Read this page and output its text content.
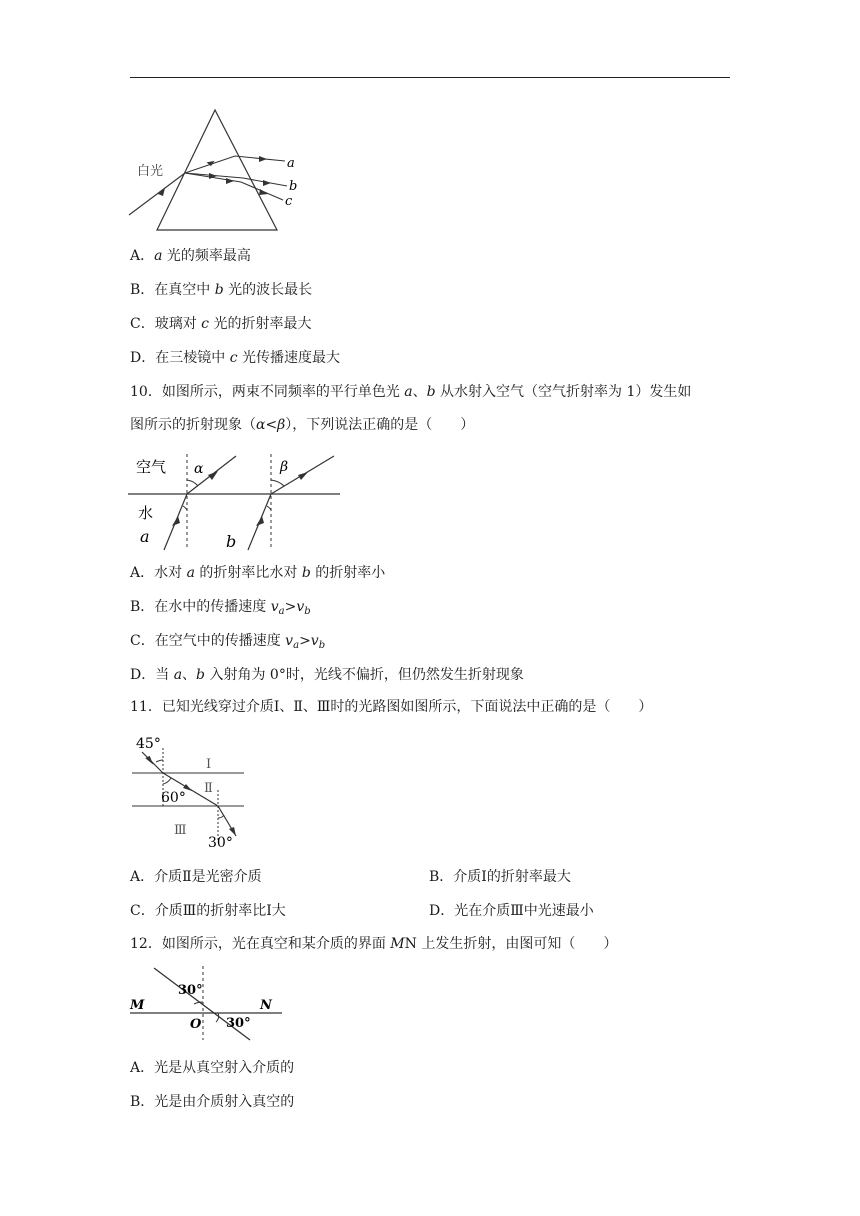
白光
a
b
c
A．a 光的频率最高
B．在真空中 b 光的波长最长
C．玻璃对 c 光的折射率最大
D．在三棱镜中 c 光传播速度最大
10．如图所示，两束不同频率的平行单色光 a、b 从水射入空气（空气折射率为 1）发生如
图所示的折射现象（α<β），下列说法正确的是（　　）
空气
水
α	β
a	b
A．水对 a 的折射率比水对 b 的折射率小
B．在水中的传播速度 $v_a>v_b$
C．在空气中的传播速度 $v_a>v_b$
D．当 a、b 入射角为 0°时，光线不偏折，但仍然发生折射现象
11．已知光线穿过介质Ⅰ、Ⅱ、Ⅲ时的光路图如图所示，下面说法中正确的是（　　）
45°
60°
30°
Ⅰ
Ⅱ
Ⅲ
A．介质Ⅱ是光密介质	B．介质Ⅰ的折射率最大
C．介质Ⅲ的折射率比Ⅰ大	D．光在介质Ⅲ中光速最小
12．如图所示，光在真空和某介质的界面 MN 上发生折射，由图可知（　　）
30°
30°
M	N
O
A．光是从真空射入介质的
B．光是由介质射入真空的
